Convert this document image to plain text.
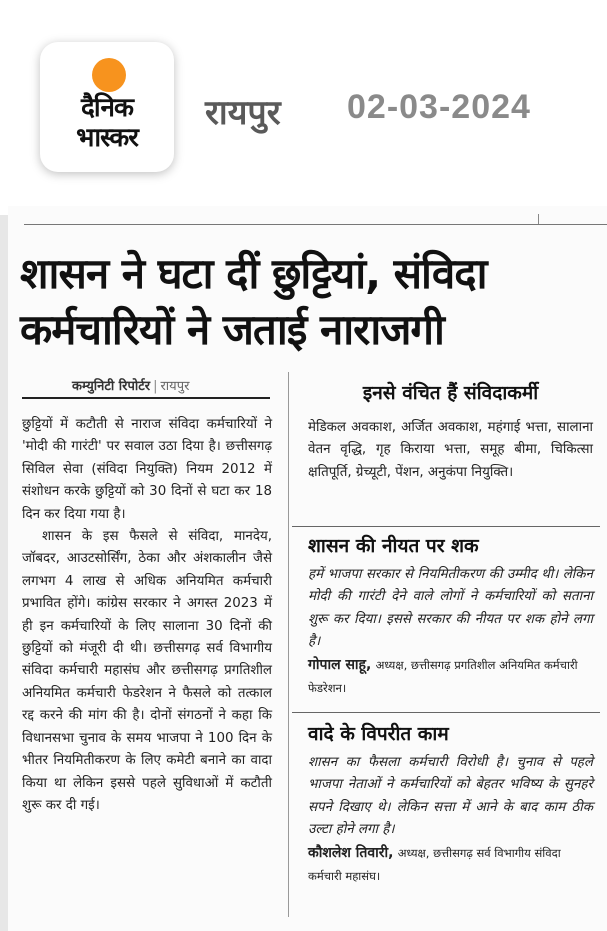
दैनिक
भास्कर
रायपुर 02-03-2024
शासन ने घटा दीं छुट्टियां, संविदा कर्मचारियों ने जताई नाराजगी
कम्युनिटी रिपोर्टर | रायपुर

छुट्टियों में कटौती से नाराज संविदा कर्मचारियों ने 'मोदी की गारंटी' पर सवाल उठा दिया है। छत्तीसगढ़ सिविल सेवा (संविदा नियुक्ति) नियम 2012 में संशोधन करके छुट्टियों को 30 दिनों से घटा कर 18 दिन कर दिया गया है।

शासन के इस फैसले से संविदा, मानदेय, जॉबदर, आउटसोर्सिंग, ठेका और अंशकालीन जैसे लगभग 4 लाख से अधिक अनियमित कर्मचारी प्रभावित होंगे। कांग्रेस सरकार ने अगस्त 2023 में ही इन कर्मचारियों के लिए सालाना 30 दिनों की छुट्टियों को मंजूरी दी थी। छत्तीसगढ़ सर्व विभागीय संविदा कर्मचारी महासंघ और छत्तीसगढ़ प्रगतिशील अनियमित कर्मचारी फेडरेशन ने फैसले को तत्काल रद्द करने की मांग की है। दोनों संगठनों ने कहा कि विधानसभा चुनाव के समय भाजपा ने 100 दिन के भीतर नियमितीकरण के लिए कमेटी बनाने का वादा किया था लेकिन इससे पहले सुविधाओं में कटौती शुरू कर दी गई।

इनसे वंचित हैं संविदाकर्मी
मेडिकल अवकाश, अर्जित अवकाश, महंगाई भत्ता, सालाना वेतन वृद्धि, गृह किराया भत्ता, समूह बीमा, चिकित्सा क्षतिपूर्ति, ग्रेच्यूटी, पेंशन, अनुकंपा नियुक्ति।
शासन की नीयत पर शक
हमें भाजपा सरकार से नियमितीकरण की उम्मीद थी। लेकिन मोदी की गारंटी देने वाले लोगों ने कर्मचारियों को सताना शुरू कर दिया। इससे सरकार की नीयत पर शक होने लगा है।
गोपाल साहू, अध्यक्ष, छत्तीसगढ़ प्रगतिशील अनियमित कर्मचारी फेडरेशन।
वादे के विपरीत काम
शासन का फैसला कर्मचारी विरोधी है। चुनाव से पहले भाजपा नेताओं ने कर्मचारियों को बेहतर भविष्य के सुनहरे सपने दिखाए थे। लेकिन सत्ता में आने के बाद काम ठीक उल्टा होने लगा है।
कौशलेश तिवारी, अध्यक्ष, छत्तीसगढ़ सर्व विभागीय संविदा कर्मचारी महासंघ।
